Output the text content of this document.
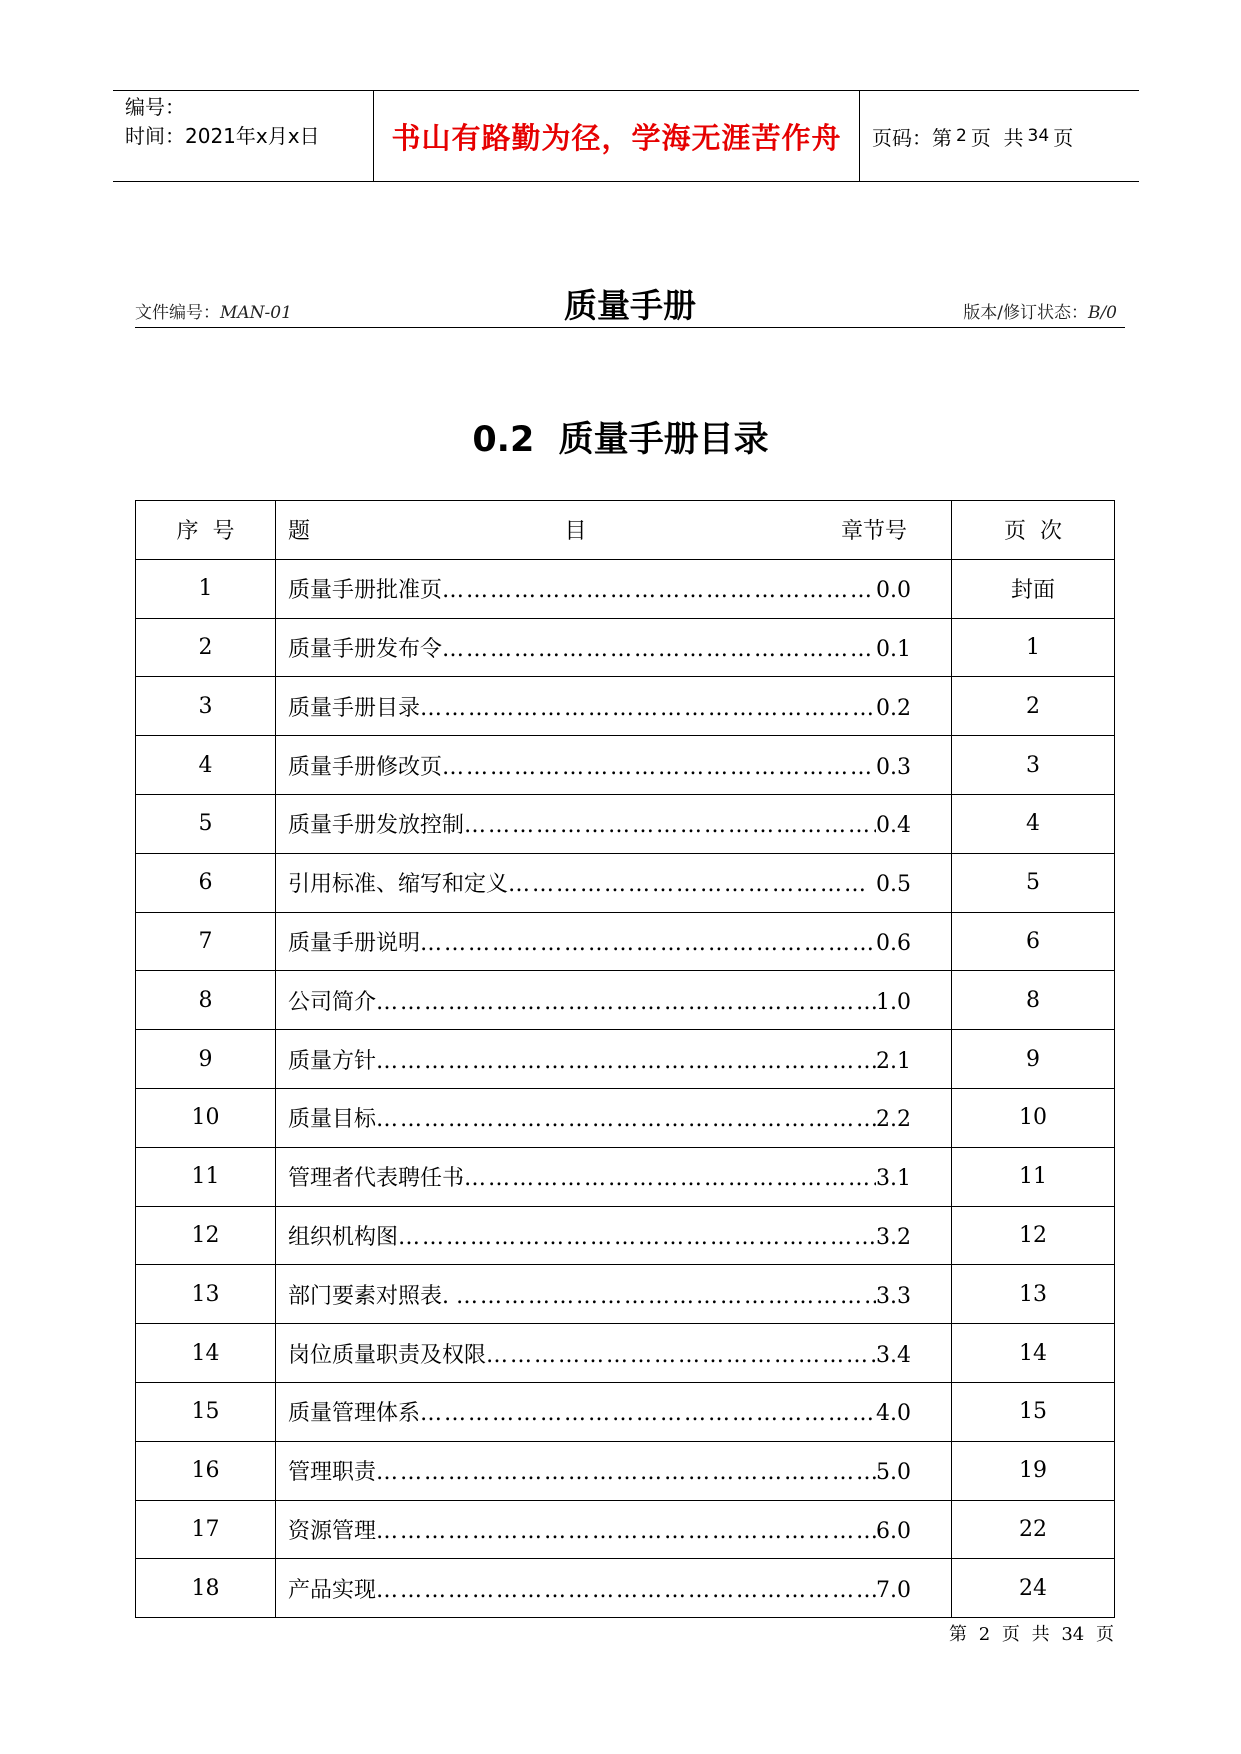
编号：
时间：2021年x月x日	书山有路勤为径，学海无涯苦作舟	页码：第 2 页  共 34 页
文件编号：MAN-01	质量手册	版本/修订状态：B/0
0.2  质量手册目录
序  号	题 目 章节号	页  次
1	质量手册批准页 …………………………………………………………………………………………… 0.0	封面
2	质量手册发布令 …………………………………………………………………………………………… 0.1	1
3	质量手册目录 …………………………………………………………………………………………… 0.2	2
4	质量手册修改页 …………………………………………………………………………………………… 0.3	3
5	质量手册发放控制 …………………………………………………………………………………………… 0.4	4
6	引用标准、缩写和定义 …………………………………………………………………………………………… 0.5	5
7	质量手册说明 …………………………………………………………………………………………… 0.6	6
8	公司简介 …………………………………………………………………………………………… 1.0	8
9	质量方针 …………………………………………………………………………………………… 2.1	9
10	质量目标 …………………………………………………………………………………………… 2.2	10
11	管理者代表聘任书 …………………………………………………………………………………………… 3.1	11
12	组织机构图 …………………………………………………………………………………………… 3.2	12
13	部门要素对照表. …………………………………………………………………………………………… 3.3	13
14	岗位质量职责及权限 …………………………………………………………………………………………… 3.4	14
15	质量管理体系 …………………………………………………………………………………………… 4.0	15
16	管理职责 …………………………………………………………………………………………… 5.0	19
17	资源管理 …………………………………………………………………………………………… 6.0	22
18	产品实现 …………………………………………………………………………………………… 7.0	24
第 2 页 共 34 页
